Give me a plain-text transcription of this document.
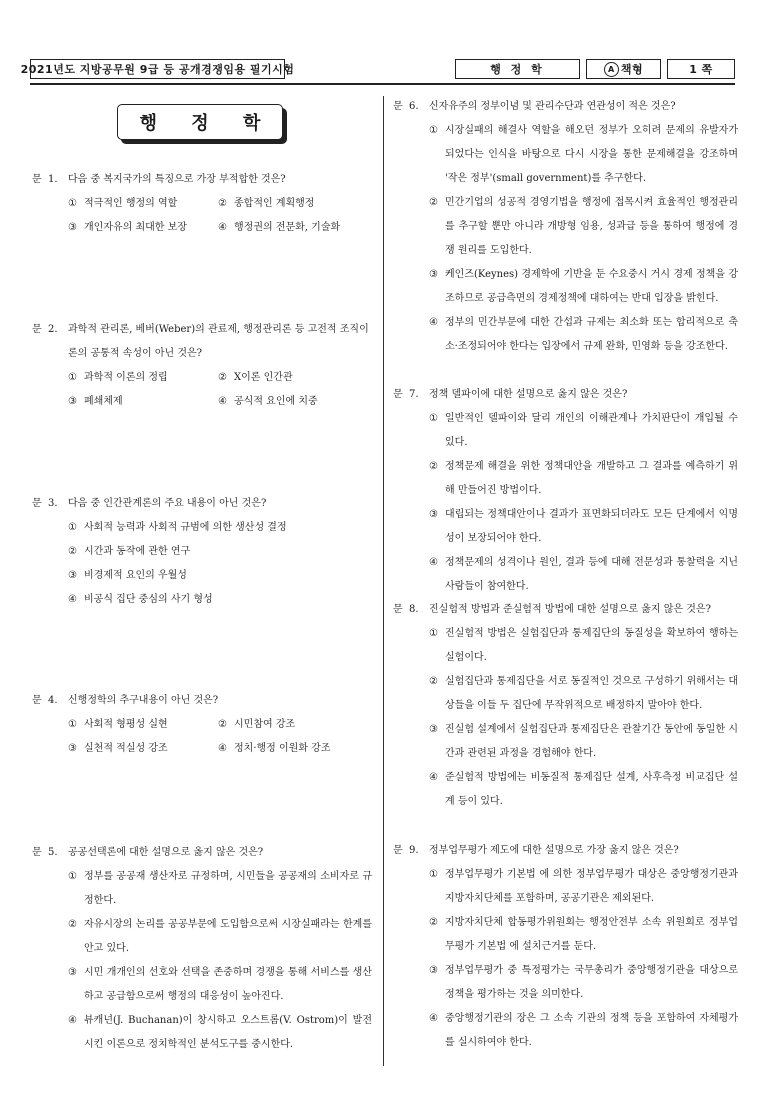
2021년도 지방공무원 9급 등 공개경쟁임용 필기시험	행 정 학	A 책형	1 쪽
행 정 학
문  1.	다음 중 복지국가의 특징으로 가장 부적합한 것은?
① 적극적인 행정의 역할	② 종합적인 계획행정
③ 개인자유의 최대한 보장	④ 행정권의 전문화, 기술화
문  2.	과학적 관리론, 베버(Weber)의 관료제, 행정관리론 등 고전적 조직이론의 공통적 속성이 아닌 것은?
① 과학적 이론의 정립	② X이론 인간관
③ 폐쇄체제	④ 공식적 요인에 치중
문  3.	다음 중 인간관계론의 주요 내용이 아닌 것은?
① 사회적 능력과 사회적 규범에 의한 생산성 결정
② 시간과 동작에 관한 연구
③ 비경제적 요인의 우월성
④ 비공식 집단 중심의 사기 형성
문  4.	신행정학의 추구내용이 아닌 것은?
① 사회적 형평성 실현	② 시민참여 강조
③ 실천적 적실성 강조	④ 정치·행정 이원화 강조
문  5.	공공선택론에 대한 설명으로 옳지 않은 것은?
① 정부를 공공재 생산자로 규정하며, 시민들을 공공재의 소비자로 규정한다.
② 자유시장의 논리를 공공부문에 도입함으로써 시장실패라는 한계를 안고 있다.
③ 시민 개개인의 선호와 선택을 존중하며 경쟁을 통해 서비스를 생산하고 공급함으로써 행정의 대응성이 높아진다.
④ 뷰캐넌(J. Buchanan)이 창시하고 오스트롬(V. Ostrom)이 발전시킨 이론으로 정치학적인 분석도구를 중시한다.
문  6.	신자유주의 정부이념 및 관리수단과 연관성이 적은 것은?
① 시장실패의 해결사 역할을 해오던 정부가 오히려 문제의 유발자가 되었다는 인식을 바탕으로 다시 시장을 통한 문제해결을 강조하며 '작은 정부'(small government)를 추구한다.
② 민간기업의 성공적 경영기법을 행정에 접목시켜 효율적인 행정관리를 추구할 뿐만 아니라 개방형 임용, 성과급 등을 통하여 행정에 경쟁 원리를 도입한다.
③ 케인즈(Keynes) 경제학에 기반을 둔 수요중시 거시 경제 정책을 강조하므로 공급측면의 경제정책에 대하여는 반대 입장을 밝힌다.
④ 정부의 민간부문에 대한 간섭과 규제는 최소화 또는 합리적으로 축소·조정되어야 한다는 입장에서 규제 완화, 민영화 등을 강조한다.
문  7.	정책 델파이에 대한 설명으로 옳지 않은 것은?
① 일반적인 델파이와 달리 개인의 이해관계나 가치판단이 개입될 수 있다.
② 정책문제 해결을 위한 정책대안을 개발하고 그 결과를 예측하기 위해 만들어진 방법이다.
③ 대립되는 정책대안이나 결과가 표면화되더라도 모든 단계에서 익명성이 보장되어야 한다.
④ 정책문제의 성격이나 원인, 결과 등에 대해 전문성과 통찰력을 지닌 사람들이 참여한다.
문  8.	진실험적 방법과 준실험적 방법에 대한 설명으로 옳지 않은 것은?
① 진실험적 방법은 실험집단과 통제집단의 동질성을 확보하여 행하는 실험이다.
② 실험집단과 통제집단을 서로 동질적인 것으로 구성하기 위해서는 대상들을 이들 두 집단에 무작위적으로 배정하지 말아야 한다.
③ 진실험 설계에서 실험집단과 통제집단은 관찰기간 동안에 동일한 시간과 관련된 과정을 경험해야 한다.
④ 준실험적 방법에는 비동질적 통제집단 설계, 사후측정 비교집단 설계 등이 있다.
문  9.	정부업무평가 제도에 대한 설명으로 가장 옳지 않은 것은?
① 정부업무평가 기본법 에 의한 정부업무평가 대상은 중앙행정기관과 지방자치단체를 포함하며, 공공기관은 제외된다.
② 지방자치단체 합동평가위원회는 행정안전부 소속 위원회로 정부업무평가 기본법 에 설치근거를 둔다.
③ 정부업무평가 중 특정평가는 국무총리가 중앙행정기관을 대상으로 정책을 평가하는 것을 의미한다.
④ 중앙행정기관의 장은 그 소속 기관의 정책 등을 포함하여 자체평가를 실시하여야 한다.
